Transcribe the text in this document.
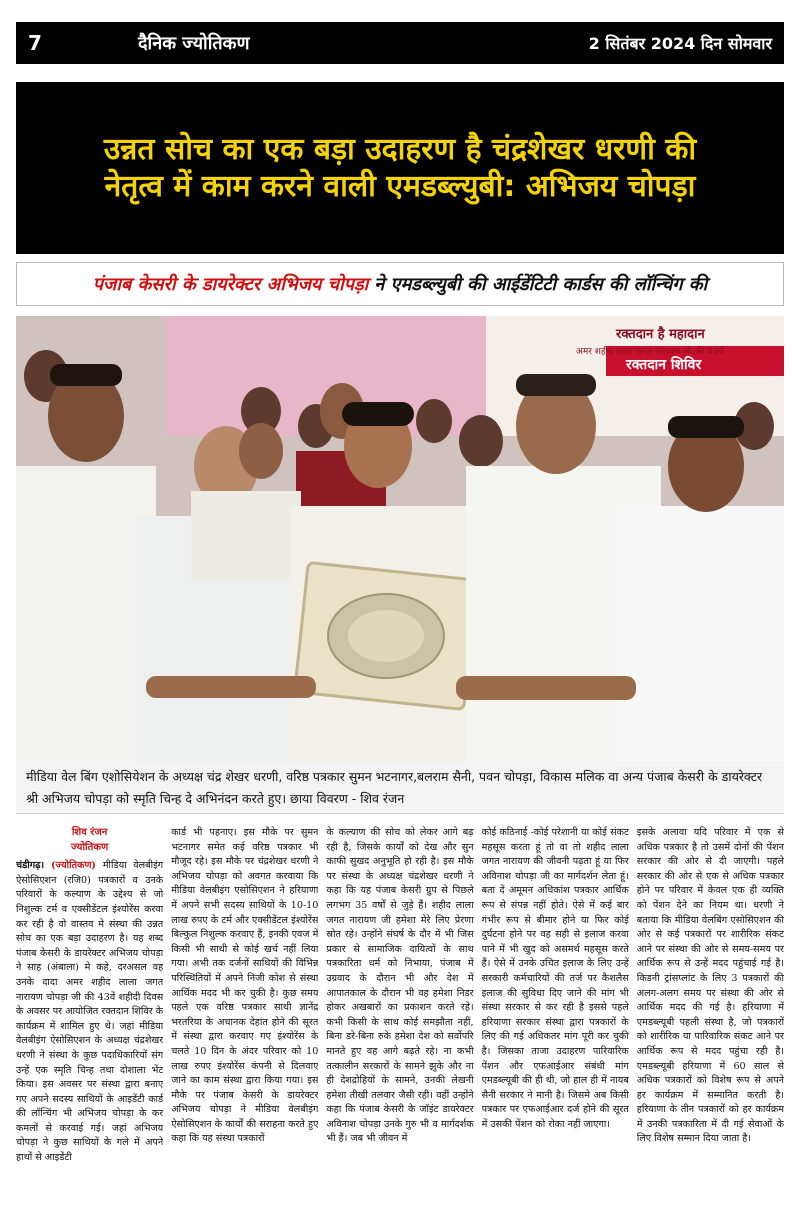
7	दैनिक ज्योतिकण	2 सितंबर 2024 दिन सोमवार
उन्नत सोच का एक बड़ा उदाहरण है चंद्रशेखर धरणी की
नेतृत्व में काम करने वाली एमडब्ल्युबी: अभिजय चोपड़ा
पंजाब केसरी के डायरेक्टर अभिजय चोपड़ा ने एमडब्ल्युबी की आईडेंटिटी कार्डस की लॉन्चिंग की
रक्तदान है महादान
अमर शहीद लाला जगत नारायण जी की 43वें
रक्तदान शिविर
मीडिया वेल बिंग एशोसियेशन के अध्यक्ष चंद्र शेखर धरणी, वरिष्ठ पत्रकार सुमन भटनागर,बलराम सैनी, पवन चोपड़ा, विकास मलिक वा अन्य पंजाब केसरी के डायरेक्टर श्री अभिजय चोपड़ा को स्मृति चिन्ह दे अभिनंदन करते हुए। छाया विवरण - शिव रंजन
शिव रंजन
ज्योतिकण

चंडीगढ़। (ज्योतिकण) मीडिया वेलबीइंग ऐसोसिएशन (रजि0) पत्रकारों व उनके परिवारों के कल्याण के उद्देश्य से जो निशुल्क टर्म व एक्सीडेंटल इंश्योरेंस करवा कर रही है वो वास्तव मे संस्था की उन्नत सोच का एक बड़ा उदाहरण है। यह शब्द पंजाब केसरी के डायरेक्टर अभिजय चोपड़ा ने साह (अंबाला) मे कहे, दरअसल वह उनके दादा अमर शहीद लाला जगत नारायण चोपड़ा जी की 43वें शहीदी दिवस के अवसर पर आयोजित रक्तदान शिविर के कार्यक्रम में शामिल हुए थे। जहां मीडिया वेलबीइंग ऐसोसिएशन के अध्यक्ष चंद्रशेखर धरणी ने संस्था के कुछ पदाधिकारियों संग उन्हें एक स्मृति चिन्ह तथा दोशाला भेंट किया। इस अवसर पर संस्था द्वारा बनाए गए अपने सदस्य साथियों के आइडेंटी कार्ड की लॉन्चिंग भी अभिजय चोपड़ा के कर कमलों से करवाई गई। जहां अभिजय चोपड़ा ने कुछ साथियों के गले में अपने हाथों से आइडेंटी

कार्ड भी पहनाए। इस मौके पर सुमन भटनागर समेत कई वरिष्ठ पत्रकार भी मौजूद रहे। इस मौके पर चंद्रशेखर धरणी ने अभिजय चोपड़ा को अवगत करवाया कि मीडिया वेलबीइंग एसोसिएशन ने हरियाणा में अपने सभी सदस्य साथियों के 10-10 लाख रुपए के टर्म और एक्सीडेंटल इंश्योरेंस बिल्कुल निशुल्क करवाए हैं, इनकी एवज में किसी भी साथी से कोई खर्च नहीं लिया गया। अभी तक दर्जनों साथियों की विभिन्न परिस्थितियों में अपने निजी कोश से संस्था आर्थिक मदद भी कर चुकी है। कुछ समय पहले एक वरिष्ठ पत्रकार साथी ज्ञानेंद्र भरतरिया के अचानक देहांत होने की सूरत में संस्था द्वारा करवाए गए इंश्योरेंस के चलते 10 दिन के अंदर परिवार को 10 लाख रुपए इंश्योरेंस कंपनी से दिलवाए जाने का काम संस्था द्वारा किया गया। इस मौके पर पंजाब केसरी के डायरेक्टर अभिजय चोपड़ा ने मीडिया वेलबीइंग ऐसोसिएशन के कार्यों की सराहना करते हुए कहा कि यह संस्था पत्रकारों

के कल्याण की सोच को लेकर आगे बढ़ रही है, जिसके कार्यों को देख और सुन काफी सुखद अनुभूति हो रही है। इस मौके पर संस्था के अध्यक्ष चंद्रशेखर धरणी ने कहा कि यह पंजाब केसरी ग्रुप से पिछले लगभग 35 वर्षों से जुड़े हैं। शहीद लाला जगत नारायण जी हमेशा मेरे लिए प्रेरणा स्रोत रहे। उन्होंने संघर्ष के दौर में भी जिस प्रकार से सामाजिक दायित्वों के साथ पत्रकारिता धर्म को निभाया, पंजाब में उग्रवाद के दौरान भी और देश में आपातकाल के दौरान भी वह हमेशा निडर होकर अखबारों का प्रकाशन करते रहे। कभी किसी के साथ कोई समझौता नहीं, बिना डरे-बिना रुके हमेशा देश को सर्वोपरि मानते हुए वह आगे बढ़ते रहे। ना कभी तत्कालीन सरकारों के सामने झुके और ना ही देशद्रोहियों के सामने, उनकी लेखनी हमेशा तीखी तलवार जैसी रही। वहीं उन्होंने कहा कि पंजाब केसरी के जॉइंट डायरेक्टर अविनाश चोपड़ा उनके गुरु भी व मार्गदर्शक भी हैं। जब भी जीवन में

कोई कठिनाई -कोई परेशानी या कोई संकट महसूस करता हूं तो वा तो शहीद लाला जगत नारायण की जीवनी पढ़ता हूं या फिर अविनाश चोपड़ा जी का मार्गदर्शन लेता हूं। बता दें अमूमन अधिकांश पत्रकार आर्थिक रूप से संपन्न नहीं होते। ऐसे में कई बार गंभीर रूप से बीमार होने या फिर कोई दुर्घटना होने पर वह सही से इलाज करवा पाने में भी खुद को असमर्थ महसूस करते हैं। ऐसे में उनके उचित इलाज के लिए उन्हें सरकारी कर्मचारियों की तर्ज पर कैशलैस इलाज की सुविधा दिए जाने की मांग भी संस्था सरकार से कर रही है इससे पहले हरियाणा सरकार संस्था द्वारा पत्रकारों के लिए की गई अधिकतर मांग पूरी कर चुकी है। जिसका ताजा उदाहरण पारिवारिक पेंशन और एफआईआर संबंधी मांग एमडब्ल्यूबी की ही थी, जो हाल ही में नायब सैनी सरकार ने मानी है। जिसमे अब किसी पत्रकार पर एफआईआर दर्ज होने की सूरत में उसकी पेंशन को रोका नहीं जाएगा।

इसके अलावा यदि परिवार में एक से अधिक पत्रकार है तो उसमें दोनों की पेंशन सरकार की ओर से दी जाएगी। पहले सरकार की ओर से एक से अधिक पत्रकार होने पर परिवार में केवल एक ही व्यक्ति को पेंशन देने का नियम था। धरणी ने बताया कि मीडिया वेलबिंग एसोसिएशन की ओर से कई पत्रकारों पर शारीरिक संकट आने पर संस्था की ओर से समय-समय पर आर्थिक रूप से उन्हें मदद पहुंचाई गई है। किडनी ट्रांसप्लांट के लिए 3 पत्रकारों की अलग-अलग समय पर संस्था की ओर से आर्थिक मदद की गई है। हरियाणा में एमडब्ल्यूबी पहली संस्था है, जो पत्रकारों को शारीरिक या पारिवारिक संकट आने पर आर्थिक रूप से मदद पहुंचा रही है। एमडब्ल्यूबी हरियाणा में 60 साल से अधिक पत्रकारों को विशेष रूप से अपने हर कार्यक्रम में सम्मानित करती है। हरियाणा के तीन पत्रकारों को हर कार्यक्रम में उनकी पत्रकारिता में दी गई सेवाओं के लिए विशेष सम्मान दिया जाता है।
